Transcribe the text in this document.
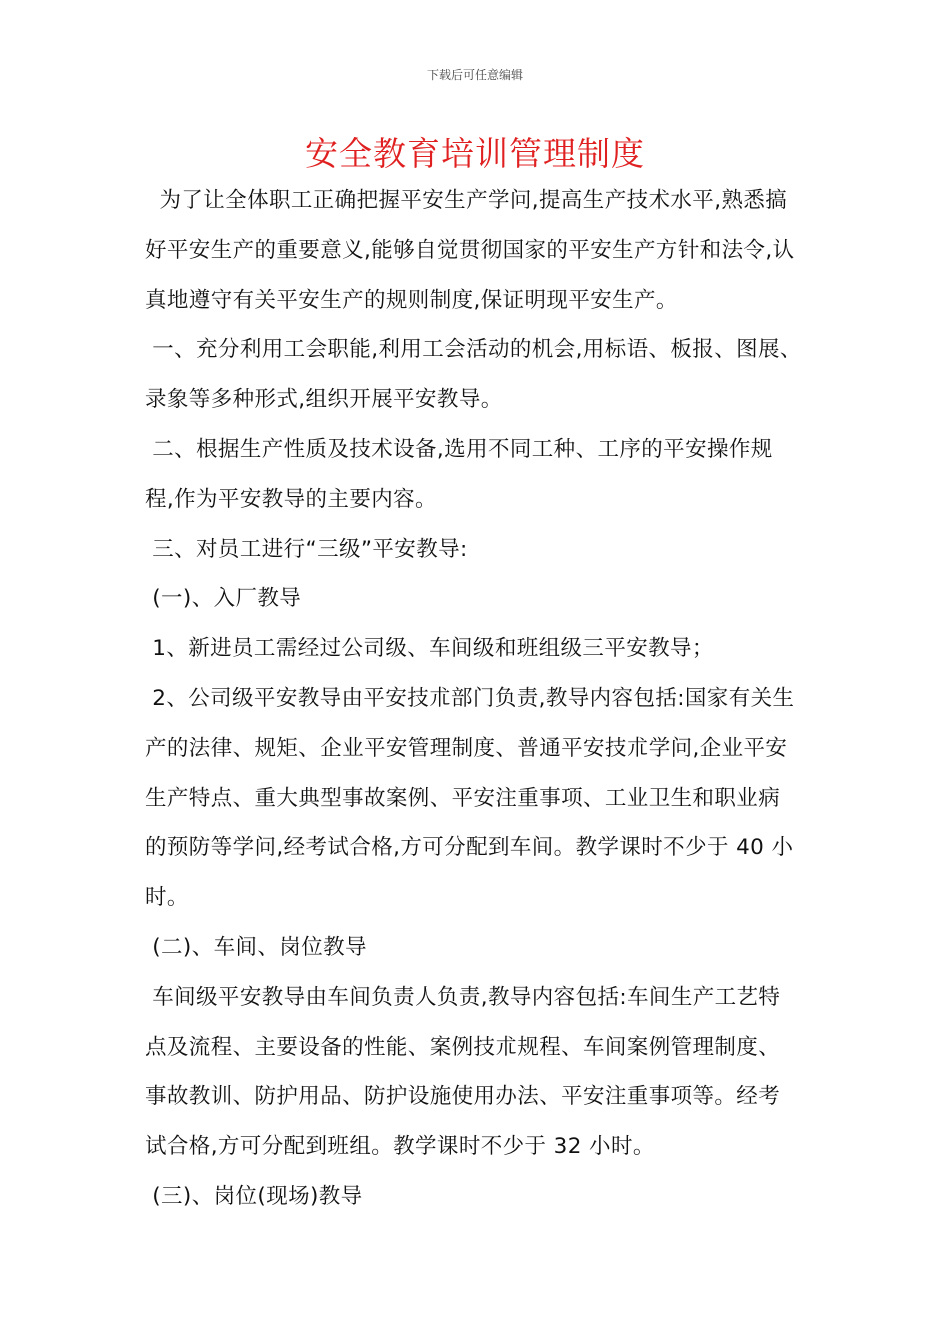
下载后可任意编辑
安全教育培训管理制度
为了让全体职工正确把握平安生产学问,提高生产技术水平,熟悉搞
好平安生产的重要意义,能够自觉贯彻国家的平安生产方针和法令,认
真地遵守有关平安生产的规则制度,保证明现平安生产。
一、充分利用工会职能,利用工会活动的机会,用标语、板报、图展、
录象等多种形式,组织开展平安教导。
二、根据生产性质及技术设备,选用不同工种、工序的平安操作规
程,作为平安教导的主要内容。
三、对员工进行“三级”平安教导:
(一)、入厂教导
1、新进员工需经过公司级、车间级和班组级三平安教导；
2、公司级平安教导由平安技朮部门负责,教导内容包括:国家有关生
产的法律、规矩、企业平安管理制度、普通平安技朮学问,企业平安
生产特点、重大典型事故案例、平安注重事项、工业卫生和职业病
的预防等学问,经考试合格,方可分配到车间。教学课时不少于 40 小
时。
(二)、车间、岗位教导
车间级平安教导由车间负责人负责,教导内容包括:车间生产工艺特
点及流程、主要设备的性能、案例技朮规程、车间案例管理制度、
事故教训、防护用品、防护设施使用办法、平安注重事项等。经考
试合格,方可分配到班组。教学课时不少于 32 小时。
(三)、岗位(现场)教导
